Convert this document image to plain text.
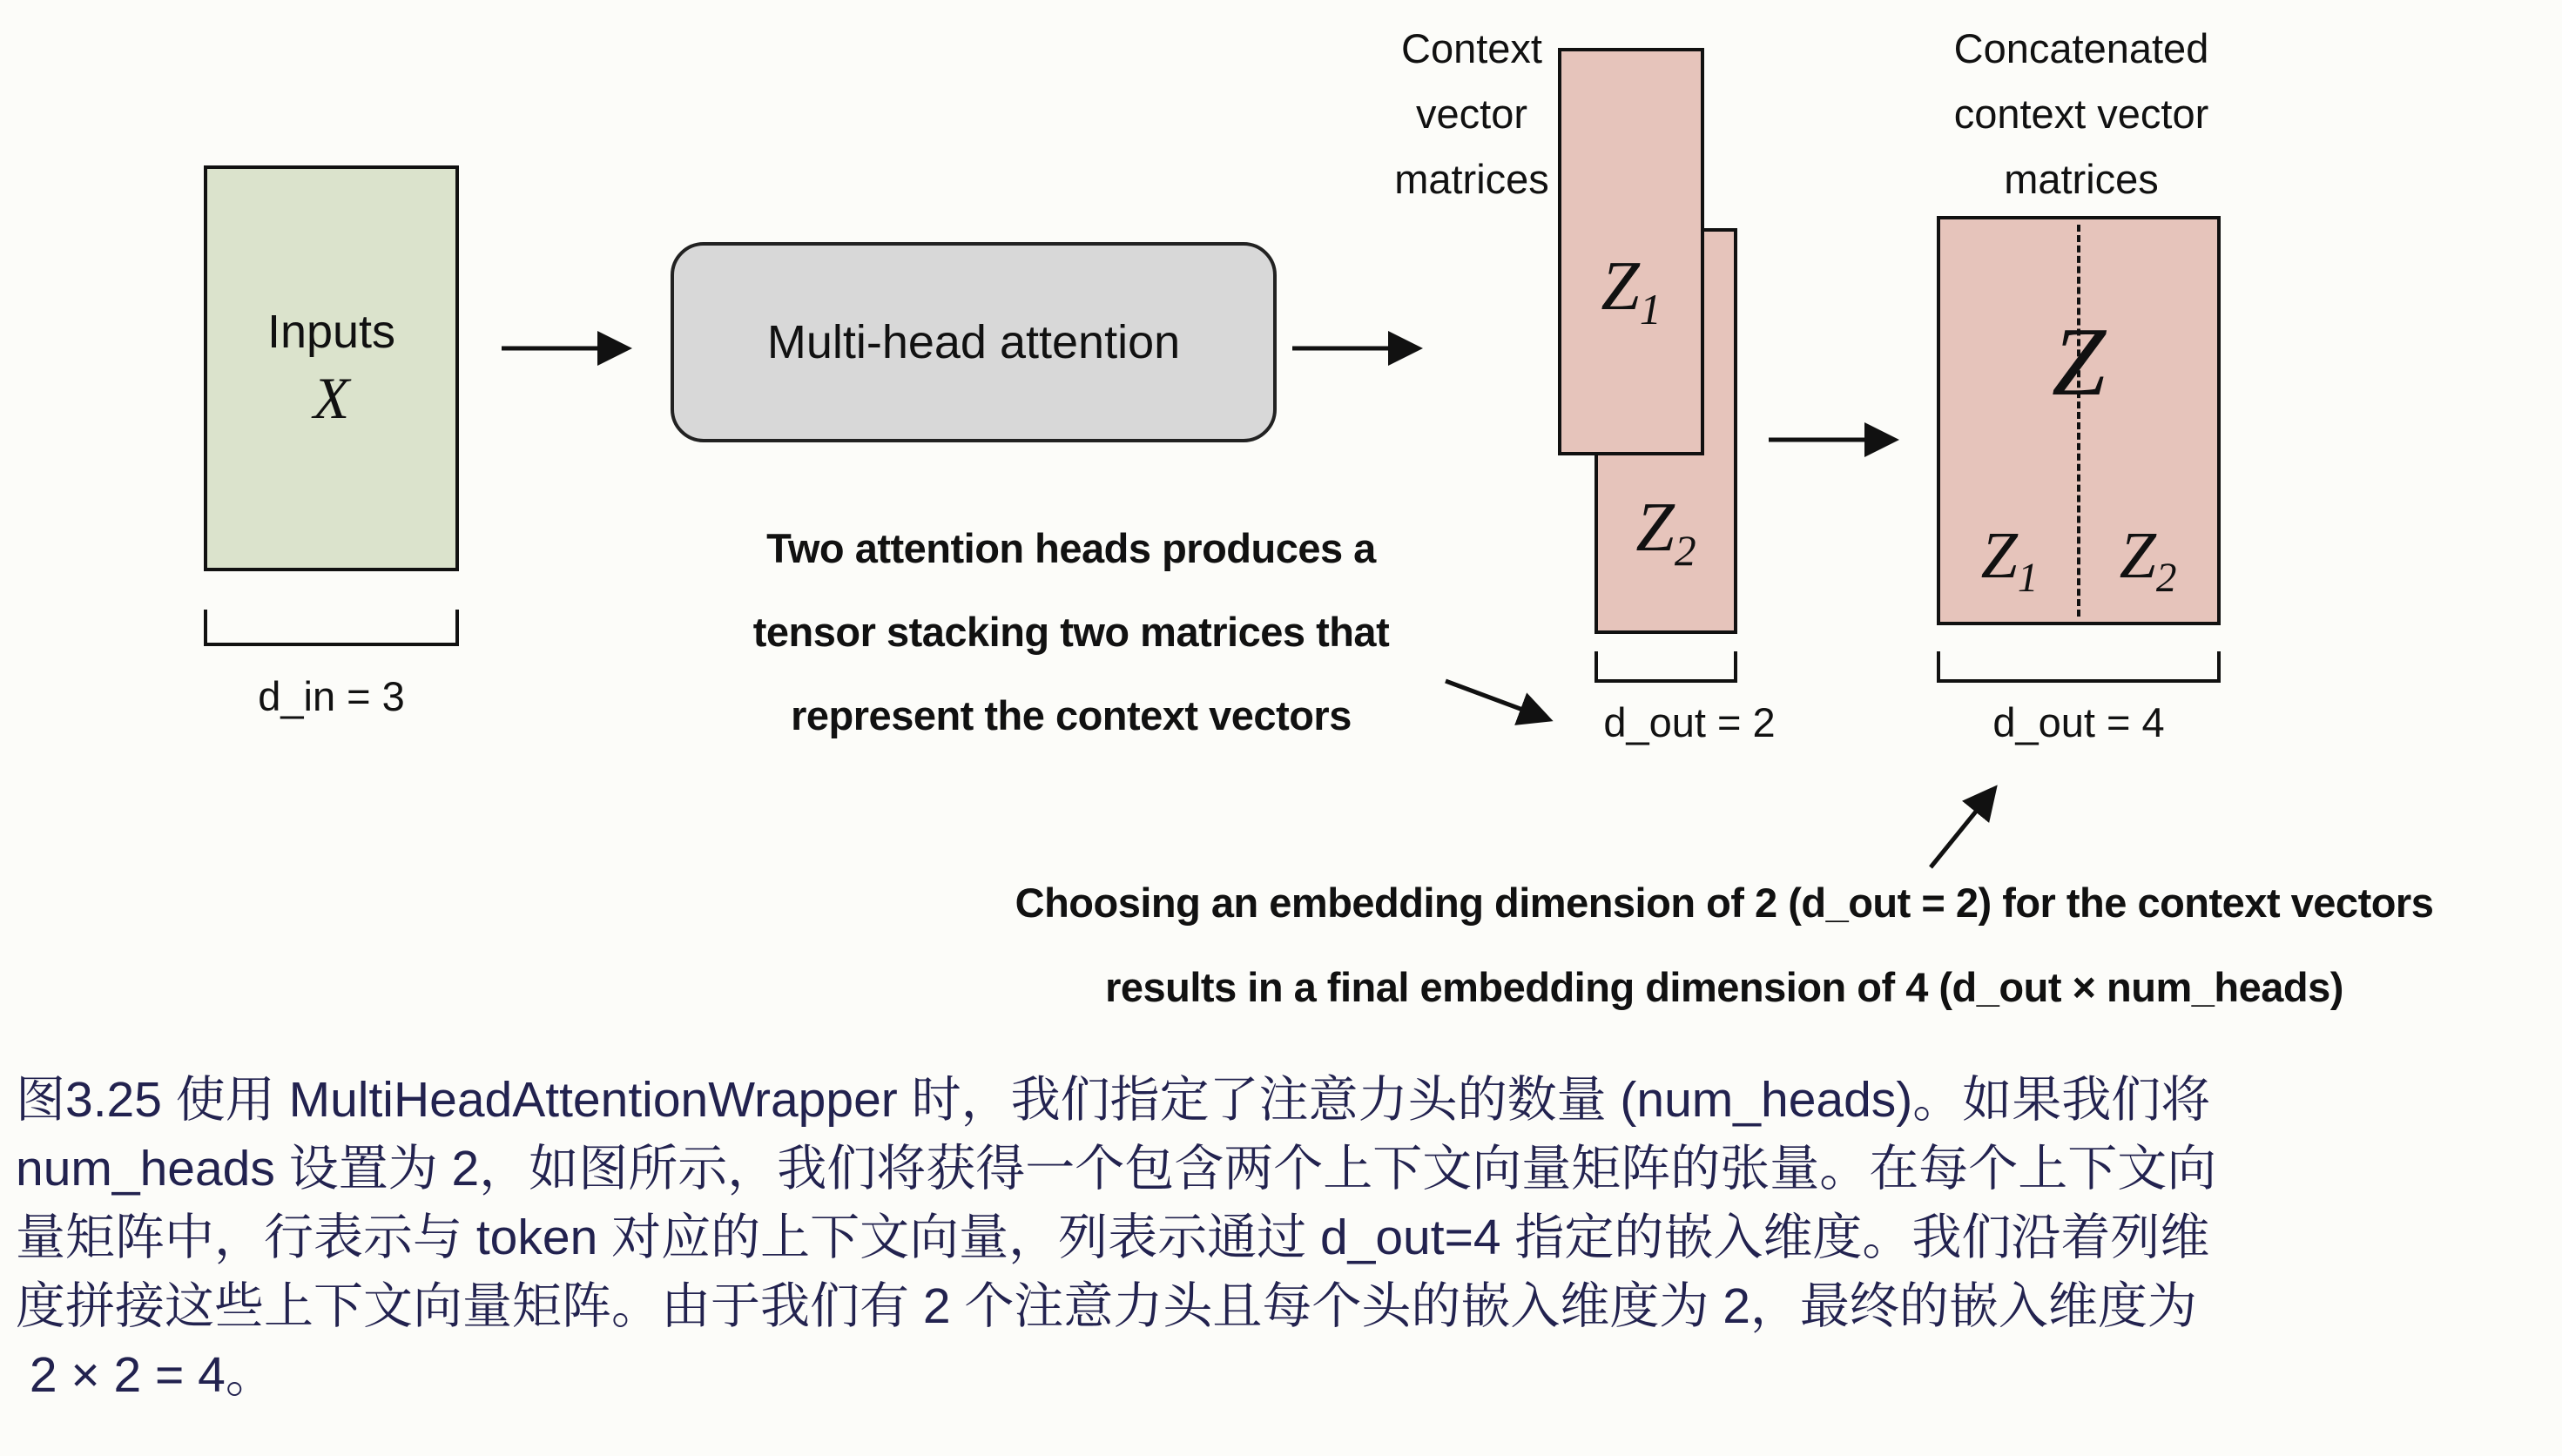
Inputs
X
d_in = 3
Multi-head attention
Two attention heads produces a
tensor stacking two matrices that
represent the context vectors
Context
vector
matrices
$Z_2$
$Z_1$
d_out = 2
Concatenated
context vector
matrices
Z
$Z_1$	$Z_2$
d_out = 4
Choosing an embedding dimension of 2 (d_out = 2) for the context vectors
results in a final embedding dimension of 4 (d_out × num_heads)
图3.25 使用 MultiHeadAttentionWrapper 时，我们指定了注意力头的数量 (num_heads)。如果我们将
num_heads 设置为 2，如图所示，我们将获得一个包含两个上下文向量矩阵的张量。在每个上下文向
量矩阵中，行表示与 token 对应的上下文向量，列表示通过 d_out=4 指定的嵌入维度。我们沿着列维
度拼接这些上下文向量矩阵。由于我们有 2 个注意力头且每个头的嵌入维度为 2，最终的嵌入维度为
2 × 2 = 4。
